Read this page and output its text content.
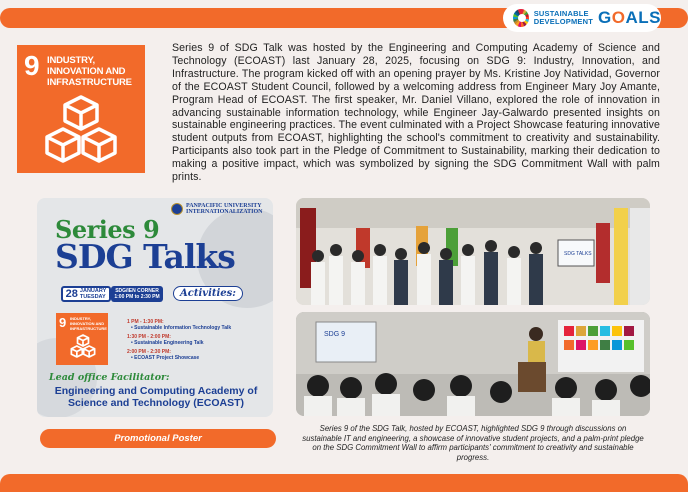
SUSTAINABLE
DEVELOPMENT GOALS
9 INDUSTRY, INNOVATION AND INFRASTRUCTURE

Series 9 of SDG Talk was hosted by the Engineering and Computing Academy of Science and Technology (ECOAST) last January 28, 2025, focusing on SDG 9: Industry, Innovation, and Infrastructure. The program kicked off with an opening prayer by Ms. Kristine Joy Natividad, Governor of the ECOAST Student Council, followed by a welcoming address from Engineer Mary Joy Amante, Program Head of ECOAST. The first speaker, Mr. Daniel Villano, explored the role of innovation in advancing sustainable information technology, while Engineer Jay-Galwardo presented insights on sustainable engineering practices. The event culminated with a Project Showcase featuring innovative student outputs from ECOAST, highlighting the school's commitment to creativity and sustainability. Participants also took part in the Pledge of Commitment to Sustainability, marking their dedication to making a positive impact, which was symbolized by signing the SDG Commitment Wall with palm prints.

PANPACIFIC UNIVERSITY
INTERNATIONALIZATION
Series 9
SDG Talks
28 JANUARY
TUESDAY
SDG/IEN CORNER
1:00 PM to 2:30 PM	Activities:
9 INDUSTRY, INNOVATION AND INFRASTRUCTURE
1 PM - 1:30 PM:
• Sustainable Information Technology Talk
1:30 PM - 2:00 PM:
• Sustainable Engineering Talk
2:00 PM - 2:30 PM:
• ECOAST Project Showcase
Lead office Facilitator:
Engineering and Computing Academy of Science and Technology (ECOAST)
Promotional Poster
SDG TALKS
SDG 9

Series 9 of the SDG Talk, hosted by ECOAST, highlighted SDG 9 through discussions on sustainable IT and engineering, a showcase of innovative student projects, and a palm-print pledge on the SDG Commitment Wall to affirm participants' commitment to creativity and sustainable progress.
